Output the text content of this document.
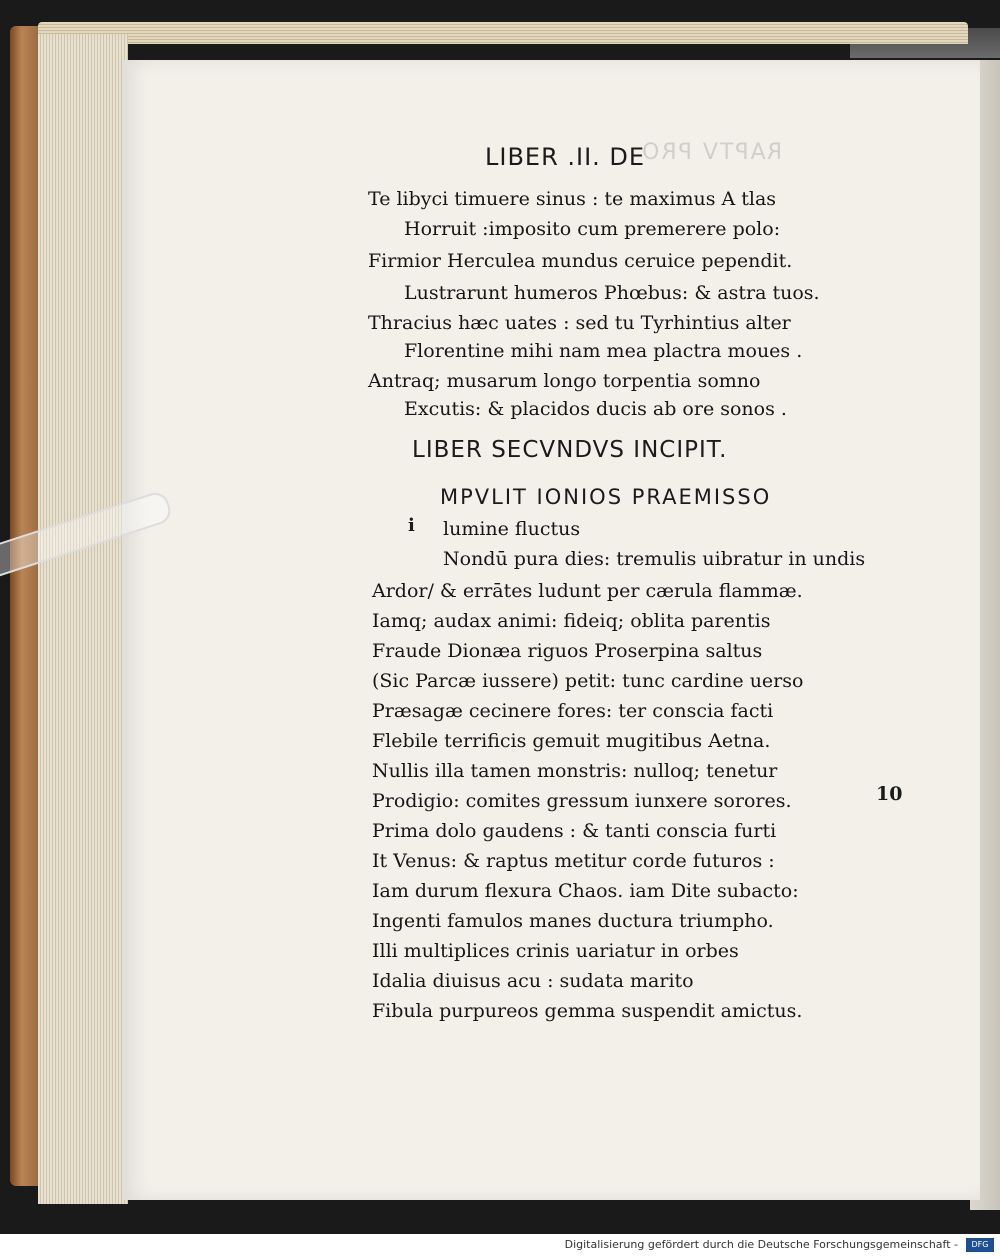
LIBER .II. DE
RAPTV PRO
Te libyci timuere sinus : te maximus A tlas
Horruit :imposito cum premerere polo:
Firmior Herculea mundus ceruice pependit.
Lustrarunt humeros Phœbus: & astra tuos.
Thracius hæc uates : sed tu Tyrhintius alter
Florentine mihi nam mea plactra moues .
Antraq; musarum longo torpentia somno
Excutis: & placidos ducis ab ore sonos .
LIBER SECVNDVS INCIPIT.
MPVLIT IONIOS PRAEMISSO
i lumine fluctus
Nondū pura dies: tremulis uibratur in undis
Ardor/ & errātes ludunt per cærula flammæ.
Iamq; audax animi: fideiq; oblita parentis
Fraude Dionæa riguos Proserpina saltus
(Sic Parcæ iussere) petit: tunc cardine uerso
Præsagæ cecinere fores: ter conscia facti
Flebile terrificis gemuit mugitibus Aetna.
Nullis illa tamen monstris: nulloq; tenetur
Prodigio: comites gressum iunxere sorores.
Prima dolo gaudens : & tanti conscia furti
It Venus: & raptus metitur corde futuros :
Iam durum flexura Chaos. iam Dite subacto:
Ingenti famulos manes ductura triumpho.
Illi multiplices crinis uariatur in orbes
Idalia diuisus acu : sudata marito
Fibula purpureos gemma suspendit amictus.
10
Digitalisierung gefördert durch die Deutsche Forschungsgemeinschaft -	DFG
